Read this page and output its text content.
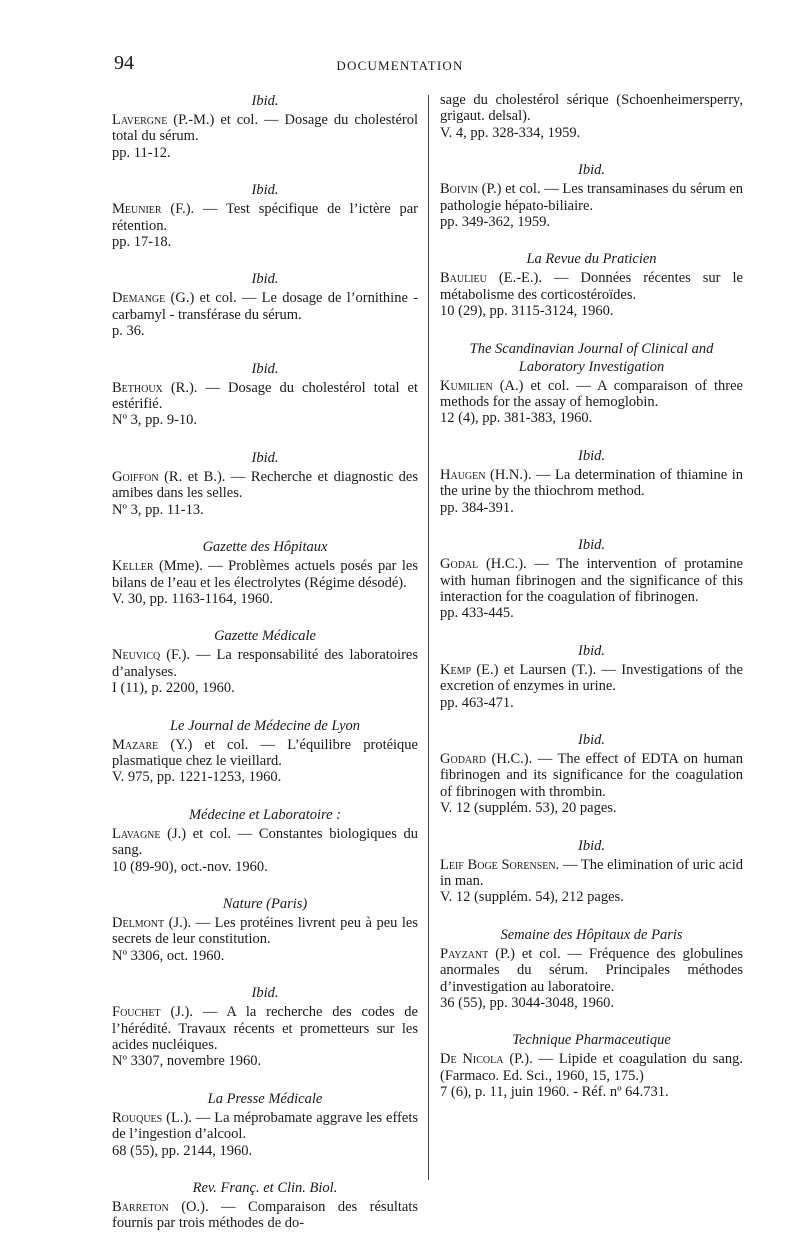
94	DOCUMENTATION
Ibid.
Lavergne (P.-M.) et col. — Dosage du cholestérol total du sérum.
pp. 11-12.
Ibid.
Meunier (F.). — Test spécifique de l’ictère par rétention.
pp. 17-18.
Ibid.
Demange (G.) et col. — Le dosage de l’ornithine - carbamyl - transférase du sérum.
p. 36.
Ibid.
Bethoux (R.). — Dosage du cholestérol total et estérifié.
Nº 3, pp. 9-10.
Ibid.
Goiffon (R. et B.). — Recherche et diagnostic des amibes dans les selles.
Nº 3, pp. 11-13.
Gazette des Hôpitaux
Keller (Mme). — Problèmes actuels posés par les bilans de l’eau et les électrolytes (Régime désodé).
V. 30, pp. 1163-1164, 1960.
Gazette Médicale
Neuvicq (F.). — La responsabilité des laboratoires d’analyses.
I (11), p. 2200, 1960.
Le Journal de Médecine de Lyon
Mazare (Y.) et col. — L’équilibre protéique plasmatique chez le vieillard.
V. 975, pp. 1221-1253, 1960.
Médecine et Laboratoire :
Lavagne (J.) et col. — Constantes biologiques du sang.
10 (89-90), oct.-nov. 1960.
Nature (Paris)
Delmont (J.). — Les protéines livrent peu à peu les secrets de leur constitution.
Nº 3306, oct. 1960.
Ibid.
Fouchet (J.). — A la recherche des codes de l’hérédité. Travaux récents et prometteurs sur les acides nucléiques.
Nº 3307, novembre 1960.
La Presse Médicale
Rouques (L.). — La méprobamate aggrave les effets de l’ingestion d’alcool.
68 (55), pp. 2144, 1960.
Rev. Franç. et Clin. Biol.
Barreton (O.). — Comparaison des résultats fournis par trois méthodes de do-
sage du cholestérol sérique (Schoenheimersperry, grigaut. delsal).
V. 4, pp. 328-334, 1959.
Ibid.
Boivin (P.) et col. — Les transaminases du sérum en pathologie hépato-biliaire.
pp. 349-362, 1959.
La Revue du Praticien
Baulieu (E.-E.). — Données récentes sur le métabolisme des corticostéroïdes.
10 (29), pp. 3115-3124, 1960.
The Scandinavian Journal of Clinical and Laboratory Investigation
Kumilien (A.) et col. — A comparaison of three methods for the assay of hemoglobin.
12 (4), pp. 381-383, 1960.
Ibid.
Haugen (H.N.). — La determination of thiamine in the urine by the thiochrom method.
pp. 384-391.
Ibid.
Godal (H.C.). — The intervention of protamine with human fibrinogen and the significance of this interaction for the coagulation of fibrinogen.
pp. 433-445.
Ibid.
Kemp (E.) et Laursen (T.). — Investigations of the excretion of enzymes in urine.
pp. 463-471.
Ibid.
Godard (H.C.). — The effect of EDTA on human fibrinogen and its significance for the coagulation of fibrinogen with thrombin.
V. 12 (supplém. 53), 20 pages.
Ibid.
Leif Boge Sorensen. — The elimination of uric acid in man.
V. 12 (supplém. 54), 212 pages.
Semaine des Hôpitaux de Paris
Payzant (P.) et col. — Fréquence des globulines anormales du sérum. Principales méthodes d’investigation au laboratoire.
36 (55), pp. 3044-3048, 1960.
Technique Pharmaceutique
De Nicola (P.). — Lipide et coagulation du sang. (Farmaco. Ed. Sci., 1960, 15, 175.)
7 (6), p. 11, juin 1960. - Réf. nº 64.731.
